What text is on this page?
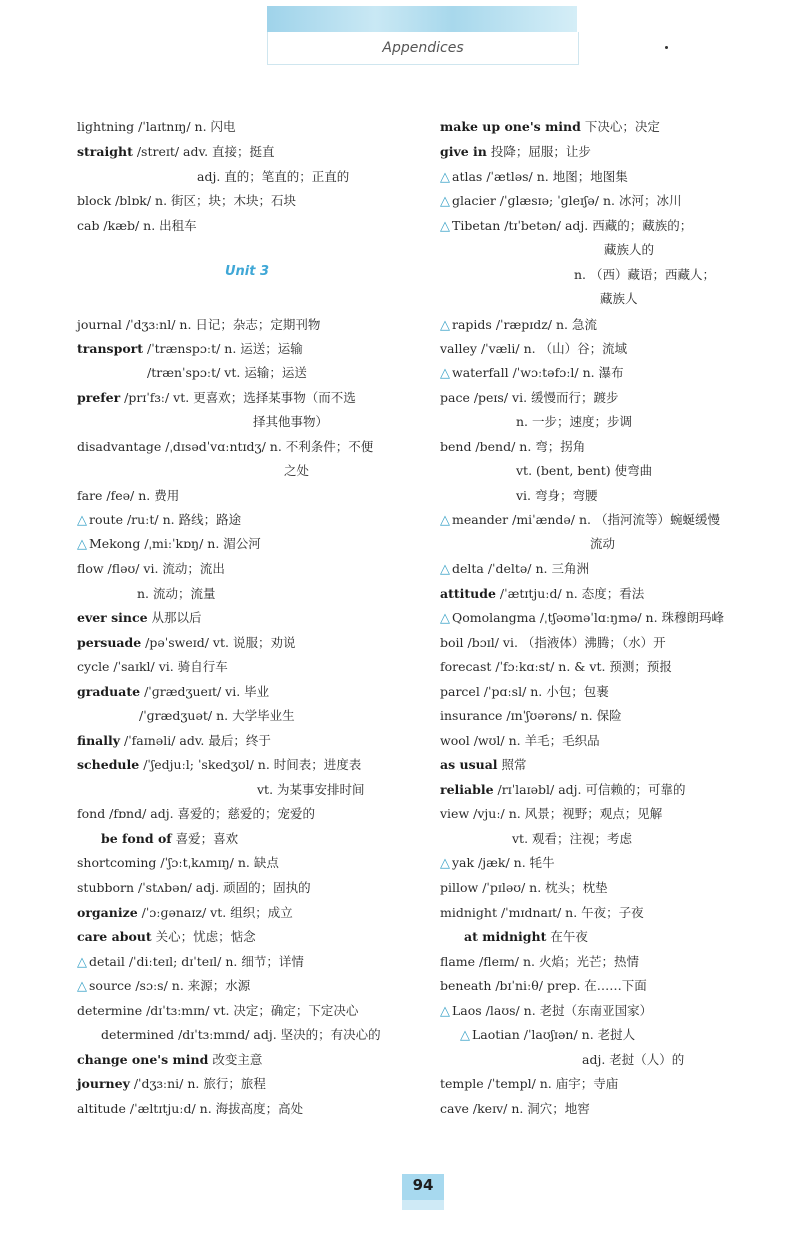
Appendices
Unit 3
lightning /ˈlaɪtnɪŋ/ n. 闪电
straight /streɪt/ adv. 直接；挺直
adj. 直的；笔直的；正直的
block /blɒk/ n. 街区；块；木块；石块
cab /kæb/ n. 出租车
journal /ˈdʒɜːnl/ n. 日记；杂志；定期刊物
transport /ˈtrænspɔːt/ n. 运送；运输
/trænˈspɔːt/ vt. 运输；运送
prefer /prɪˈfɜː/ vt. 更喜欢；选择某事物（而不选
择其他事物）
disadvantage /ˌdɪsədˈvɑːntɪdʒ/ n. 不利条件；不便
之处
fare /feə/ n. 费用
△ route /ruːt/ n. 路线；路途
△ Mekong /ˌmiːˈkɒŋ/ n. 湄公河
flow /fləʊ/ vi. 流动；流出
n. 流动；流量
ever since 从那以后
persuade /pəˈsweɪd/ vt. 说服；劝说
cycle /ˈsaɪkl/ vi. 骑自行车
graduate /ˈɡrædʒueɪt/ vi. 毕业
/ˈɡrædʒuət/ n. 大学毕业生
finally /ˈfaɪnəli/ adv. 最后；终于
schedule /ˈʃedjuːl; ˈskedʒʊl/ n. 时间表；进度表
vt. 为某事安排时间
fond /fɒnd/ adj. 喜爱的；慈爱的；宠爱的
be fond of 喜爱；喜欢
shortcoming /ˈʃɔːtˌkʌmɪŋ/ n. 缺点
stubborn /ˈstʌbən/ adj. 顽固的；固执的
organize /ˈɔːɡənaɪz/ vt. 组织；成立
care about 关心；忧虑；惦念
△ detail /ˈdiːteɪl; dɪˈteɪl/ n. 细节；详情
△ source /sɔːs/ n. 来源；水源
determine /dɪˈtɜːmɪn/ vt. 决定；确定；下定决心
determined /dɪˈtɜːmɪnd/ adj. 坚决的；有决心的
change one's mind 改变主意
journey /ˈdʒɜːni/ n. 旅行；旅程
altitude /ˈæltɪtjuːd/ n. 海拔高度；高处
make up one's mind 下决心；决定
give in 投降；屈服；让步
△ atlas /ˈætləs/ n. 地图；地图集
△ glacier /ˈɡlæsɪə; ˈɡleɪʃə/ n. 冰河；冰川
△ Tibetan /tɪˈbetən/ adj. 西藏的；藏族的；
藏族人的
n. （西）藏语；西藏人；
藏族人
△ rapids /ˈræpɪdz/ n. 急流
valley /ˈvæli/ n. （山）谷；流域
△ waterfall /ˈwɔːtəfɔːl/ n. 瀑布
pace /peɪs/ vi. 缓慢而行；踱步
n. 一步；速度；步调
bend /bend/ n. 弯；拐角
vt. (bent, bent) 使弯曲
vi. 弯身；弯腰
△ meander /miˈændə/ n. （指河流等）蜿蜒缓慢
流动
△ delta /ˈdeltə/ n. 三角洲
attitude /ˈætɪtjuːd/ n. 态度；看法
△ Qomolangma /ˌtʃəʊməˈlɑːŋmə/ n. 珠穆朗玛峰
boil /bɔɪl/ vi. （指液体）沸腾；（水）开
forecast /ˈfɔːkɑːst/ n. & vt. 预测；预报
parcel /ˈpɑːsl/ n. 小包；包裹
insurance /ɪnˈʃʊərəns/ n. 保险
wool /wʊl/ n. 羊毛；毛织品
as usual 照常
reliable /rɪˈlaɪəbl/ adj. 可信赖的；可靠的
view /vjuː/ n. 风景；视野；观点；见解
vt. 观看；注视；考虑
△ yak /jæk/ n. 牦牛
pillow /ˈpɪləʊ/ n. 枕头；枕垫
midnight /ˈmɪdnaɪt/ n. 午夜；子夜
at midnight 在午夜
flame /fleɪm/ n. 火焰；光芒；热情
beneath /bɪˈniːθ/ prep. 在……下面
△ Laos /laʊs/ n. 老挝（东南亚国家）
△ Laotian /ˈlaʊʃɪən/ n. 老挝人
adj. 老挝（人）的
temple /ˈtempl/ n. 庙宇；寺庙
cave /keɪv/ n. 洞穴；地窖
94
